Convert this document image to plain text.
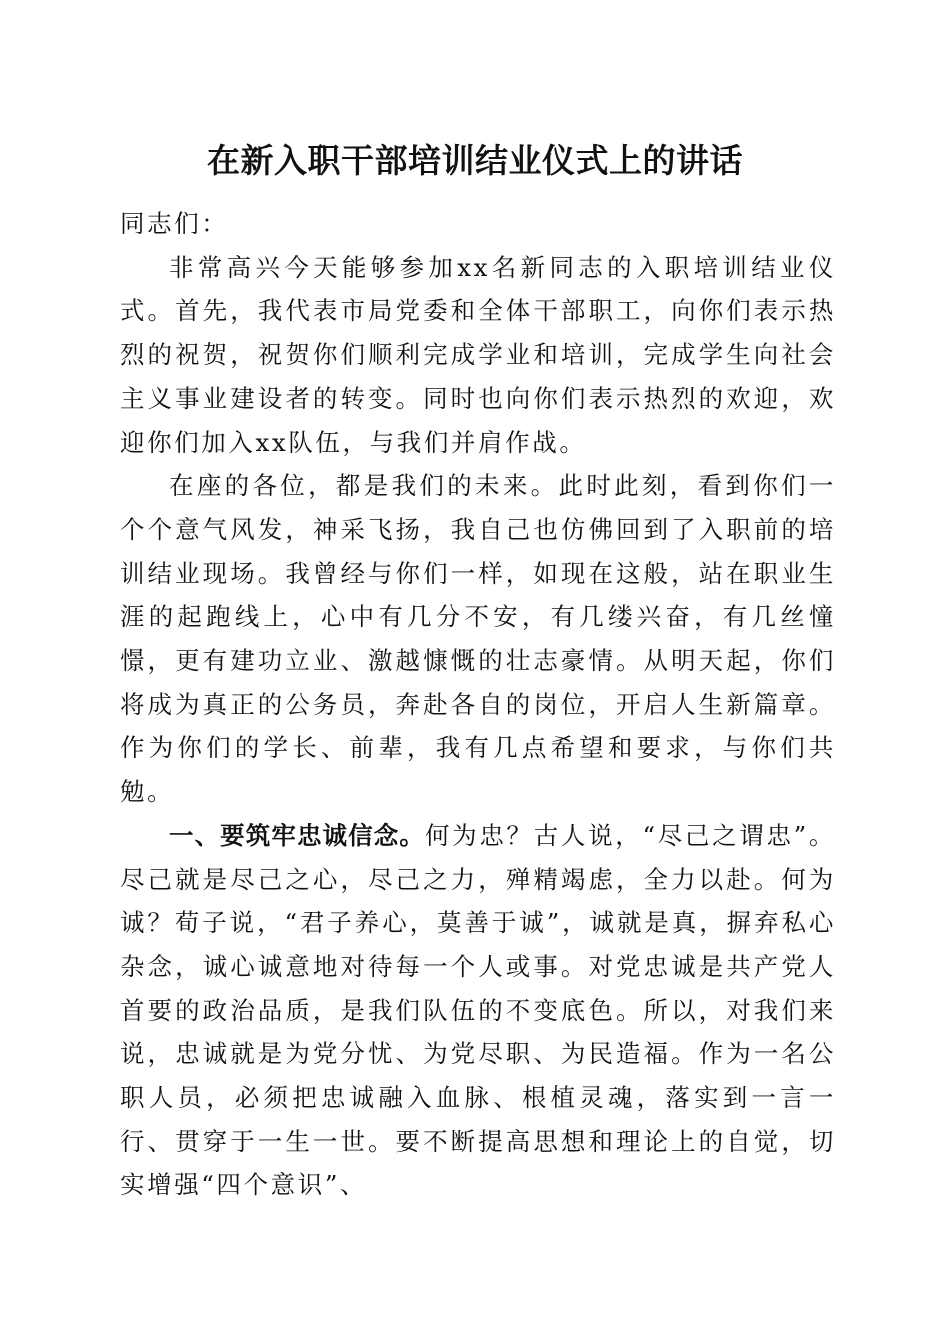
在新入职干部培训结业仪式上的讲话

同志们：

非常高兴今天能够参加xx名新同志的入职培训结业仪式。首先，我代表市局党委和全体干部职工，向你们表示热烈的祝贺，祝贺你们顺利完成学业和培训，完成学生向社会主义事业建设者的转变。同时也向你们表示热烈的欢迎，欢迎你们加入xx队伍，与我们并肩作战。

在座的各位，都是我们的未来。此时此刻，看到你们一个个意气风发，神采飞扬，我自己也仿佛回到了入职前的培训结业现场。我曾经与你们一样，如现在这般，站在职业生涯的起跑线上，心中有几分不安，有几缕兴奋，有几丝憧憬，更有建功立业、激越慷慨的壮志豪情。从明天起，你们将成为真正的公务员，奔赴各自的岗位，开启人生新篇章。作为你们的学长、前辈，我有几点希望和要求，与你们共勉。

一、要筑牢忠诚信念。何为忠？古人说，“尽己之谓忠”。尽己就是尽己之心，尽己之力，殚精竭虑，全力以赴。何为诚？荀子说，“君子养心，莫善于诚”，诚就是真，摒弃私心杂念，诚心诚意地对待每一个人或事。对党忠诚是共产党人首要的政治品质，是我们队伍的不变底色。所以，对我们来说，忠诚就是为党分忧、为党尽职、为民造福。作为一名公职人员，必须把忠诚融入血脉、根植灵魂，落实到一言一行、贯穿于一生一世。要不断提高思想和理论上的自觉，切实增强“四个意识”、
